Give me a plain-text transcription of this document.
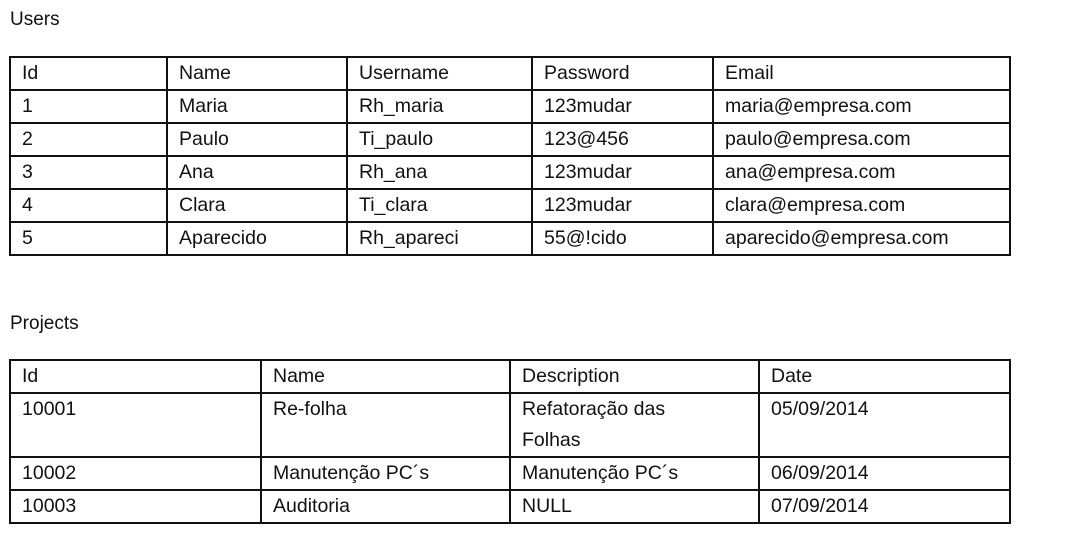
Users
Id	Name	Username	Password	Email
1	Maria	Rh_maria	123mudar	maria@empresa.com
2	Paulo	Ti_paulo	123@456	paulo@empresa.com
3	Ana	Rh_ana	123mudar	ana@empresa.com
4	Clara	Ti_clara	123mudar	clara@empresa.com
5	Aparecido	Rh_apareci	55@!cido	aparecido@empresa.com
Projects
Id	Name	Description	Date
10001	Re-folha	Refatoração das Folhas	05/09/2014
10002	Manutenção PC´s	Manutenção PC´s	06/09/2014
10003	Auditoria	NULL	07/09/2014
